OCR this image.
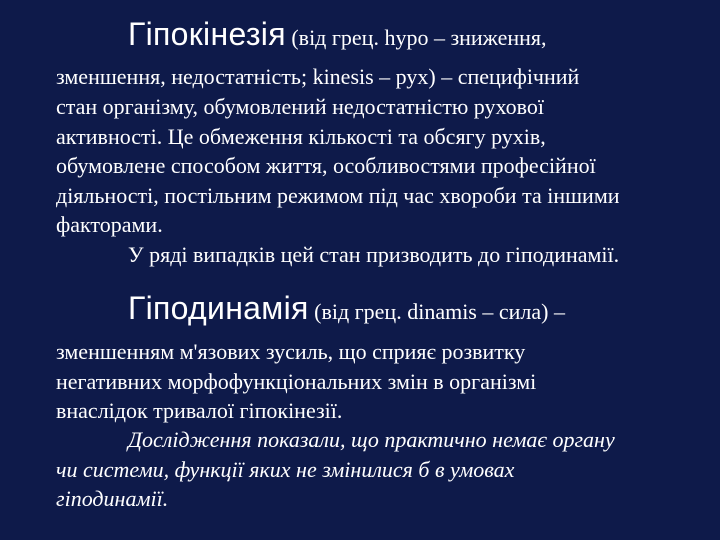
Гіпокінезія (від грец. hypo – зниження,
зменшення, недостатність; kinesis – рух) – специфічний
стан організму, обумовлений недостатністю рухової
активності. Це обмеження кількості та обсягу рухів,
обумовлене способом життя, особливостями професійної
діяльності, постільним режимом під час хвороби та іншими
факторами.
У ряді випадків цей стан призводить до гіподинамії.
Гіподинамія (від грец. dinamis – сила) –
зменшенням м'язових зусиль, що сприяє розвитку
негативних морфофункціональних змін в організмі
внаслідок тривалої гіпокінезії.
Дослідження показали, що практично немає органу
чи системи, функції яких не змінилися б в умовах
гіподинамії.
